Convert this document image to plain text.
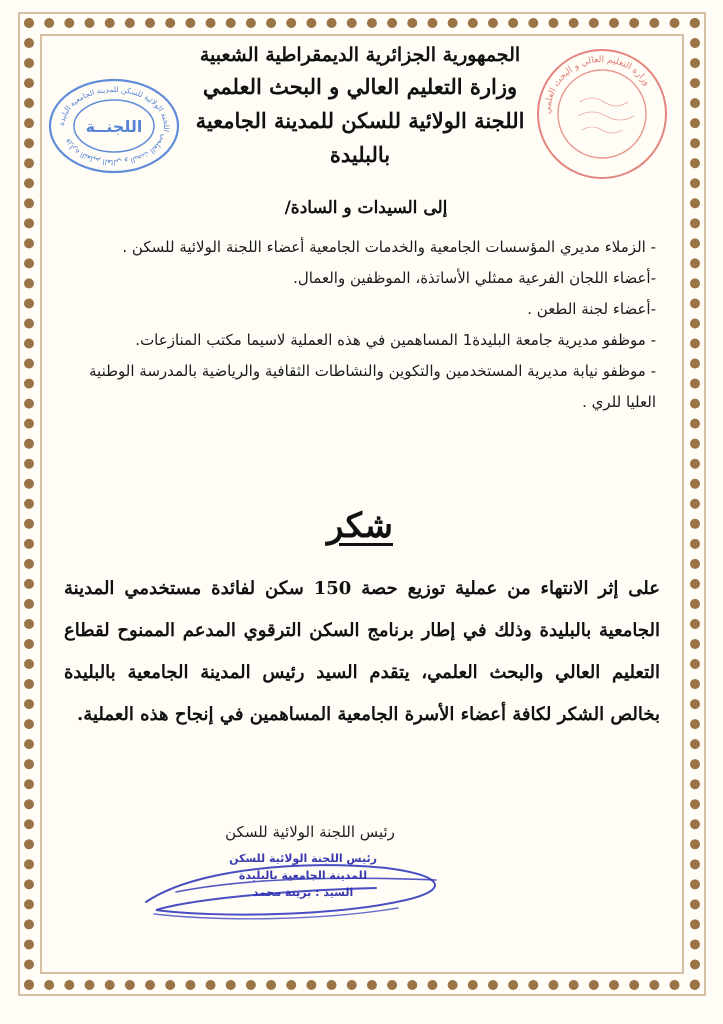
وزارة التعليم العالي و البحث العلمي اللجنة الولائية للسكن للمدينة الجامعية البليدة
اللجنــة
وزارة التعليم العالي و البحث العلمي
الجمهورية الجزائرية الديمقراطية الشعبية
وزارة التعليم العالي و البحث العلمي
اللجنة الولائية للسكن للمدينة الجامعية بالبليدة
إلى السيدات و السادة/

- الزملاء مديري المؤسسات الجامعية والخدمات الجامعية أعضاء اللجنة الولائية للسكن .

-أعضاء اللجان الفرعية ممثلي الأساتذة، الموظفين والعمال.

-أعضاء لجنة الطعن .

- موظفو مديرية جامعة البليدة1 المساهمين في هذه العملية لاسيما مكتب المنازعات.

- موظفو نيابة مديرية المستخدمين والتكوين والنشاطات الثقافية والرياضية بالمدرسة الوطنية العليا للري .

شكر
على إثر الانتهاء من عملية توزيع حصة 150 سكن لفائدة مستخدمي المدينة الجامعية بالبليدة وذلك في إطار برنامج السكن الترقوي المدعم الممنوح لقطاع التعليم العالي والبحث العلمي، يتقدم السيد رئيس المدينة الجامعية بالبليدة بخالص الشكر لكافة أعضاء الأسرة الجامعية المساهمين في إنجاح هذه العملية.
رئيس اللجنة الولائية للسكن
رئيس اللجنة الولائية للسكن
للمدينة الجامعية بالبليدة
السيد : بزينة محمد
